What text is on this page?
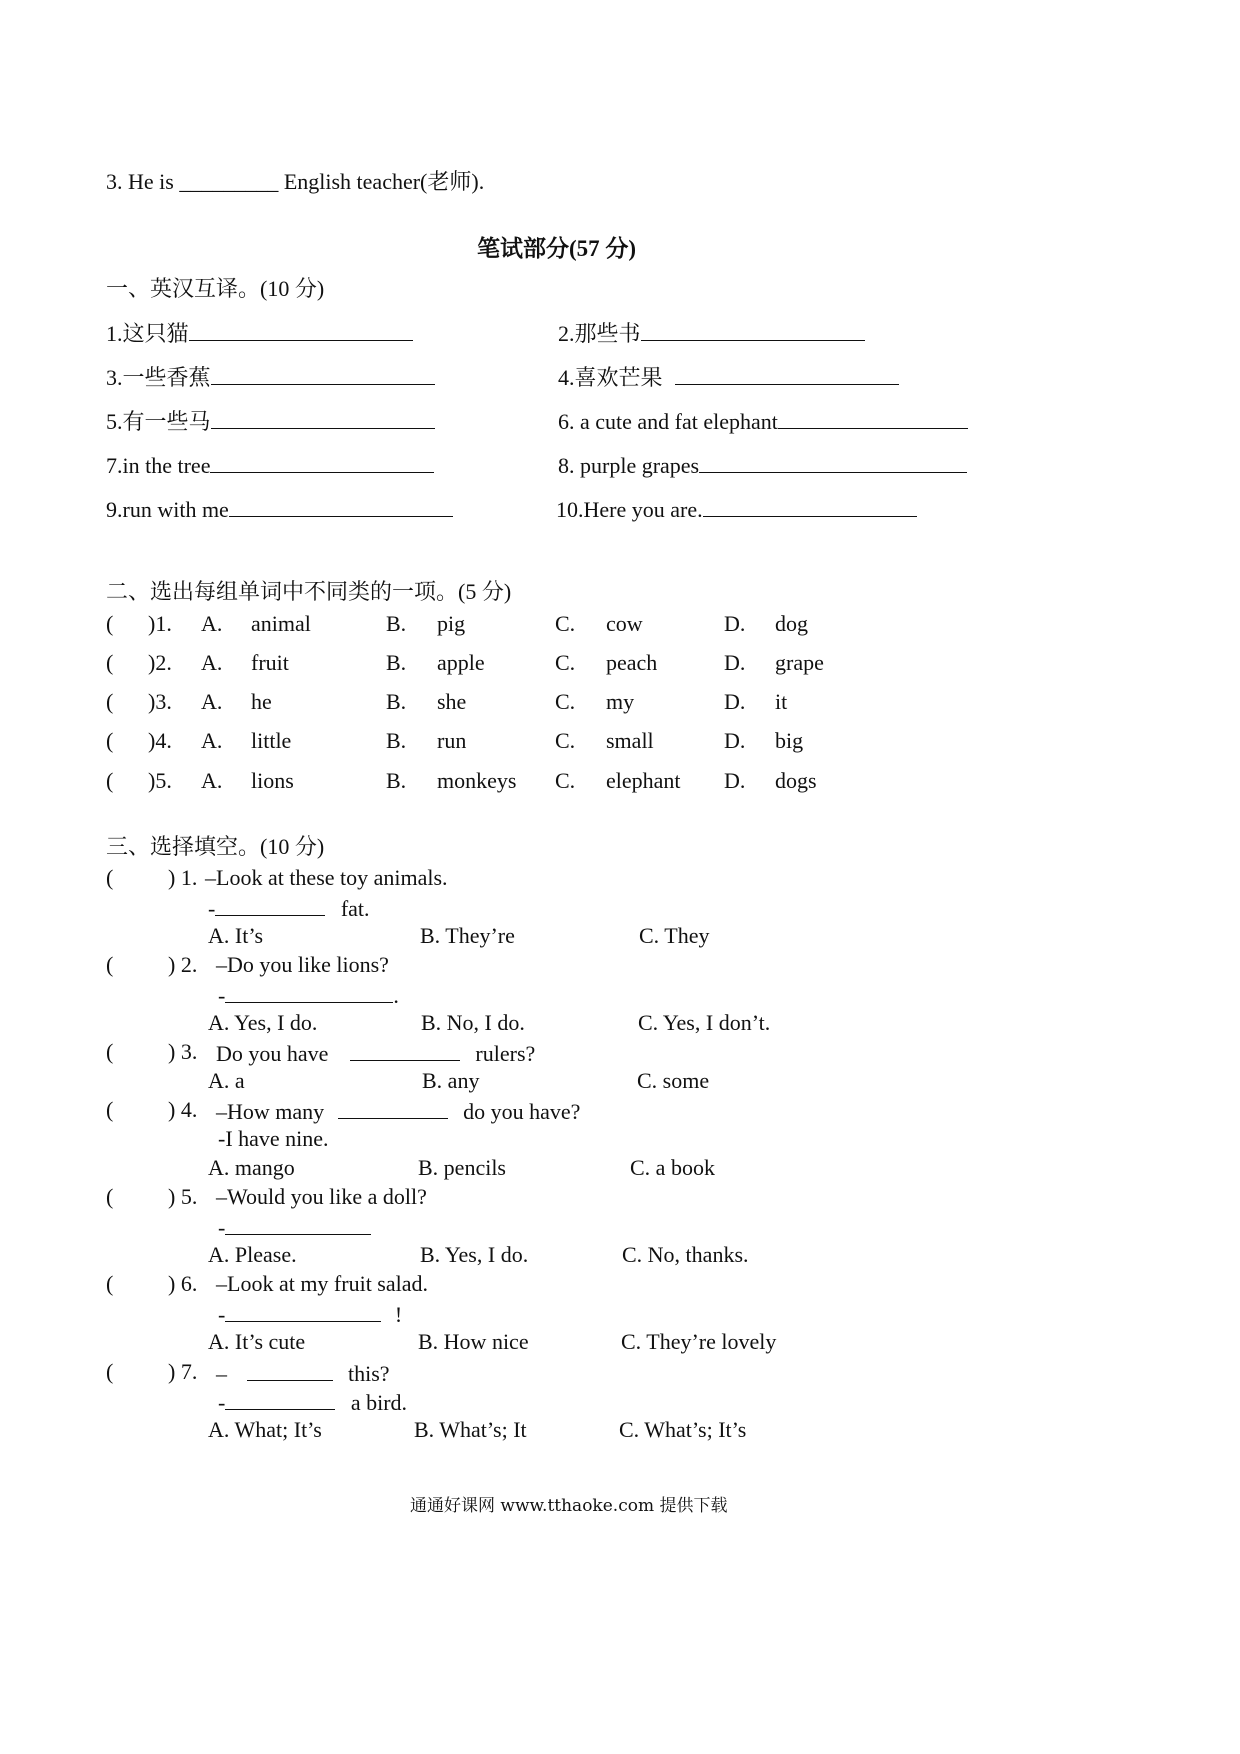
3. He is _________ English teacher(老师).
笔试部分(57 分)
一、英汉互译。(10 分)
1.这只猫	2.那些书
3.一些香蕉	4.喜欢芒果
5.有一些马	6. a cute and fat elephant
7.in the tree	8. purple grapes
9.run with me	10.Here you are.
二、选出每组单词中不同类的一项。(5 分)
( )1. A. animal	B. pig	C. cow	D. dog
( )2. A. fruit	B. apple	C. peach	D. grape
( )3. A. he	B. she	C. my	D. it
( )4. A. little	B. run	C. small	D. big
( )5. A. lions	B. monkeys C. elephant D. dogs
三、选择填空。(10 分)
( ) 1. –Look at these toy animals.
-	fat.
A. It’s	B. They’re	C. They
( ) 2. –Do you like lions?
-	.
A. Yes, I do.	B. No, I do.	C. Yes, I don’t.
( ) 3. Do you have	rulers?
A. a	B. any	C. some
( ) 4. –How many	do you have?
-I have nine.
A. mango	B. pencils	C. a book
( ) 5. –Would you like a doll?
-
A. Please.	B. Yes, I do.	C. No, thanks.
( ) 6. –Look at my fruit salad.
-	!
A. It’s cute	B. How nice	C. They’re lovely
( ) 7. –	this?
-	a bird.
A. What; It’s	B. What’s; It	C. What’s; It’s
通通好课网 www.tthaoke.com 提供下载
